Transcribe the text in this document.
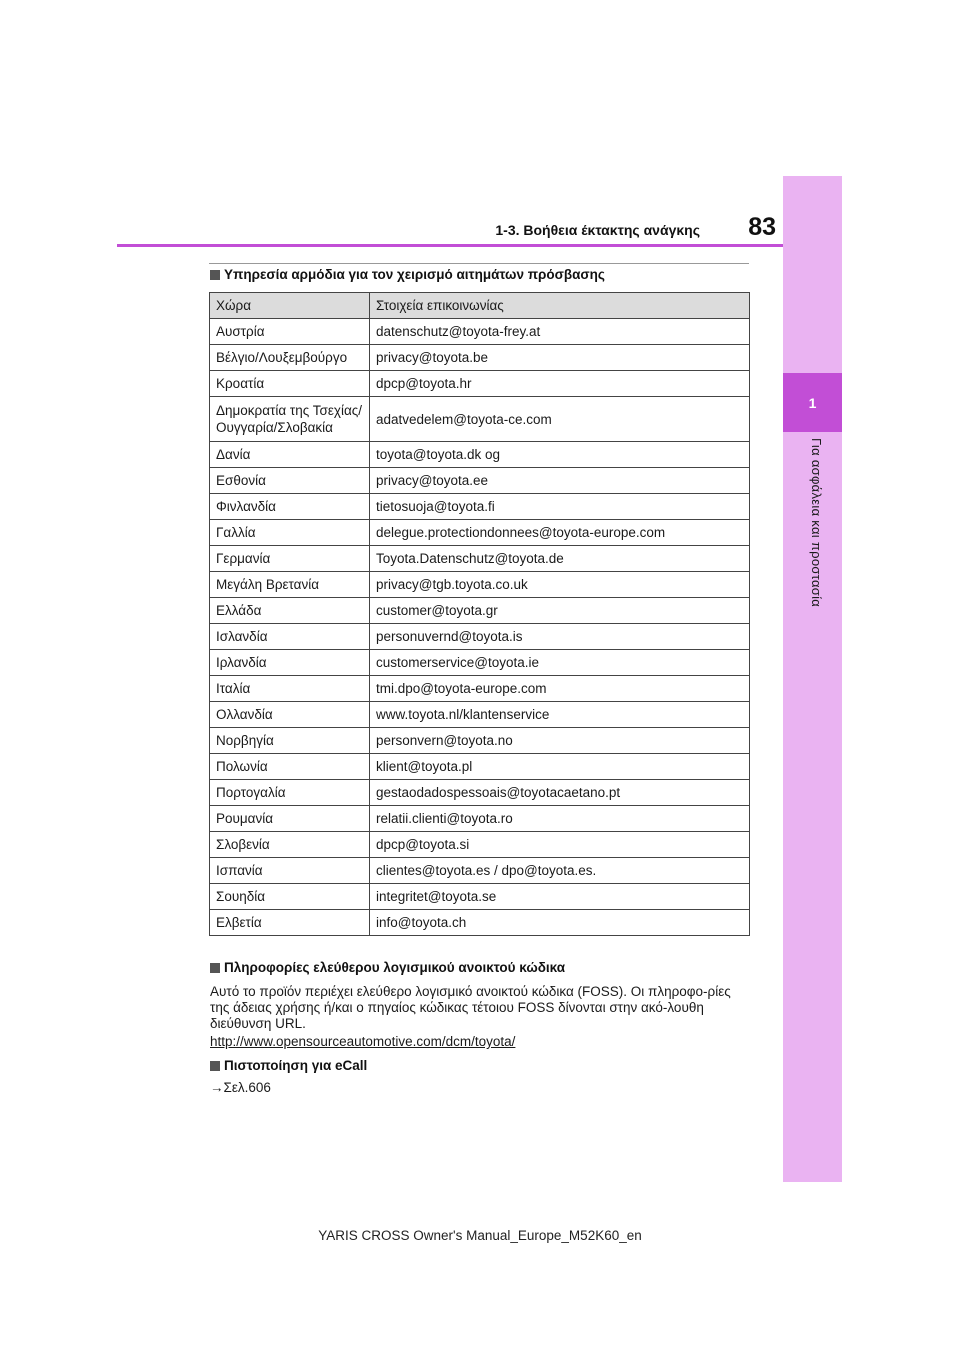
1
Για ασφάλεια και προστασία
83
1-3. Βοήθεια έκτακτης ανάγκης
Υπηρεσία αρμόδια για τον χειρισμό αιτημάτων πρόσβασης
Χώρα	Στοιχεία επικοινωνίας
Αυστρία	datenschutz@toyota-frey.at
Βέλγιο/Λουξεμβούργο	privacy@toyota.be
Κροατία	dpcp@toyota.hr
Δημοκρατία της Τσεχίας/ Ουγγαρία/Σλοβακία	adatvedelem@toyota-ce.com
Δανία	toyota@toyota.dk og
Εσθονία	privacy@toyota.ee
Φινλανδία	tietosuoja@toyota.fi
Γαλλία	delegue.protectiondonnees@toyota-europe.com
Γερμανία	Toyota.Datenschutz@toyota.de
Μεγάλη Βρετανία	privacy@tgb.toyota.co.uk
Ελλάδα	customer@toyota.gr
Ισλανδία	personuvernd@toyota.is
Ιρλανδία	customerservice@toyota.ie
Ιταλία	tmi.dpo@toyota-europe.com
Ολλανδία	www.toyota.nl/klantenservice
Νορβηγία	personvern@toyota.no
Πολωνία	klient@toyota.pl
Πορτογαλία	gestaodadospessoais@toyotacaetano.pt
Ρουμανία	relatii.clienti@toyota.ro
Σλοβενία	dpcp@toyota.si
Ισπανία	clientes@toyota.es / dpo@toyota.es.
Σουηδία	integritet@toyota.se
Ελβετία	info@toyota.ch
Πληροφορίες ελεύθερου λογισμικού ανοικτού κώδικα
Αυτό το προϊόν περιέχει ελεύθερο λογισμικό ανοικτού κώδικα (FOSS). Οι πληροφο-ρίες της άδειας χρήσης ή/και ο πηγαίος κώδικας τέτοιου FOSS δίνονται στην ακό-λουθη διεύθυνση URL.
http://www.opensourceautomotive.com/dcm/toyota/
Πιστοποίηση για eCall
→Σελ.606
YARIS CROSS Owner's Manual_Europe_M52K60_en
